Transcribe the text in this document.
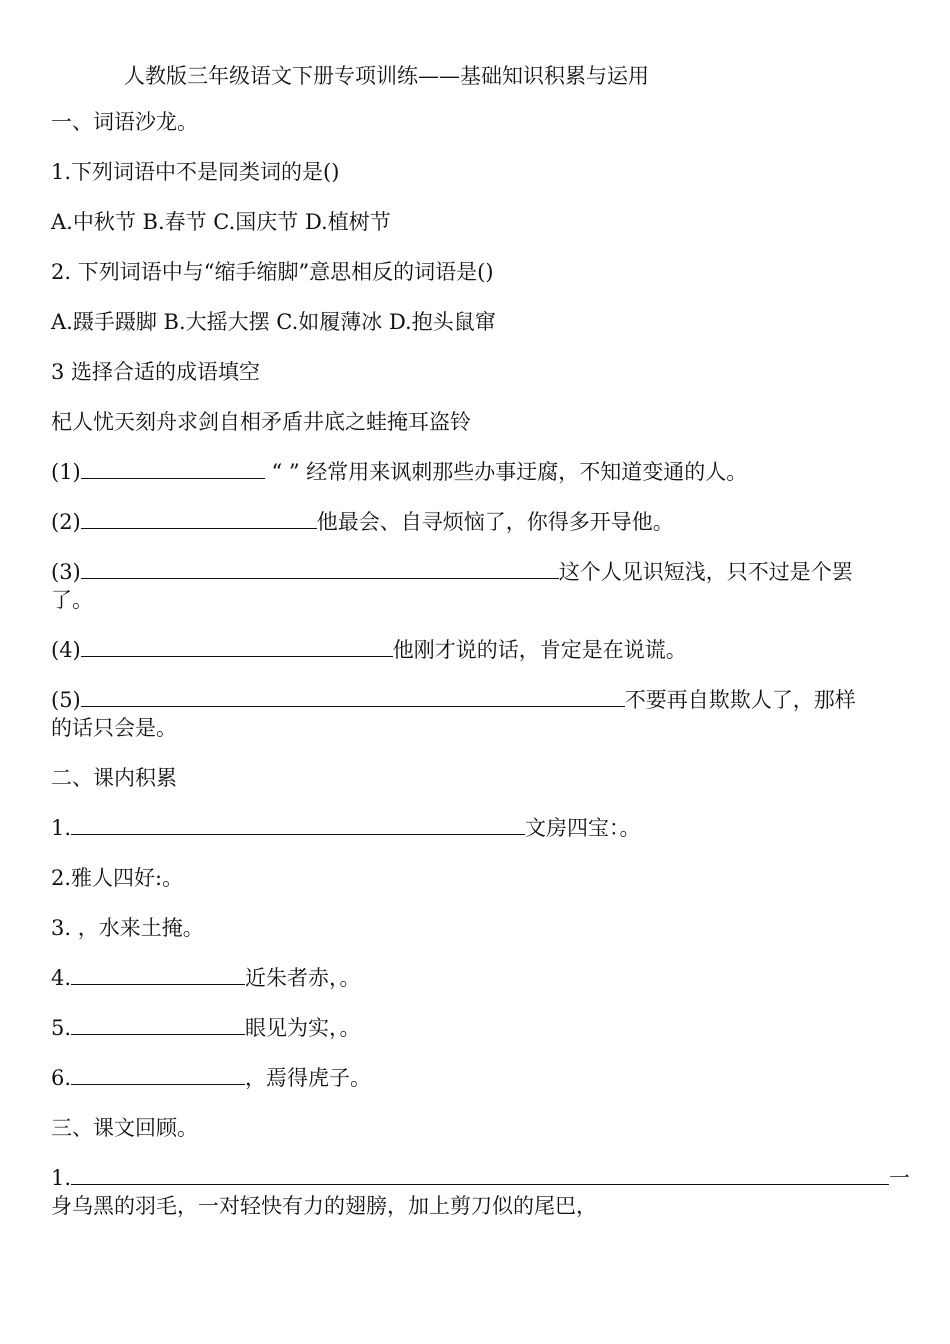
人教版三年级语文下册专项训练——基础知识积累与运用
一、词语沙龙。
1.下列词语中不是同类词的是()
A.中秋节 B.春节 C.国庆节 D.植树节
2. 下列词语中与“缩手缩脚”意思相反的词语是()
A.蹑手蹑脚 B.大摇大摆 C.如履薄冰 D.抱头鼠窜
3 选择合适的成语填空
杞人忧天刻舟求剑自相矛盾井底之蛙掩耳盗铃
(1)	“ ” 经常用来讽刺那些办事迂腐，不知道变通的人。
(2)	他最会、自寻烦恼了，你得多开导他。
(3)	这个人见识短浅，只不过是个罢
了。
(4)	他刚才说的话，肯定是在说谎。
(5)	不要再自欺欺人了，那样
的话只会是。
二、课内积累
1.	文房四宝：。
2.雅人四好:。
3. ，水来土掩。
4.	近朱者赤，。
5.	眼见为实，。
6.	，焉得虎子。
三、课文回顾。
1.	一
身乌黑的羽毛，一对轻快有力的翅膀，加上剪刀似的尾巴，
